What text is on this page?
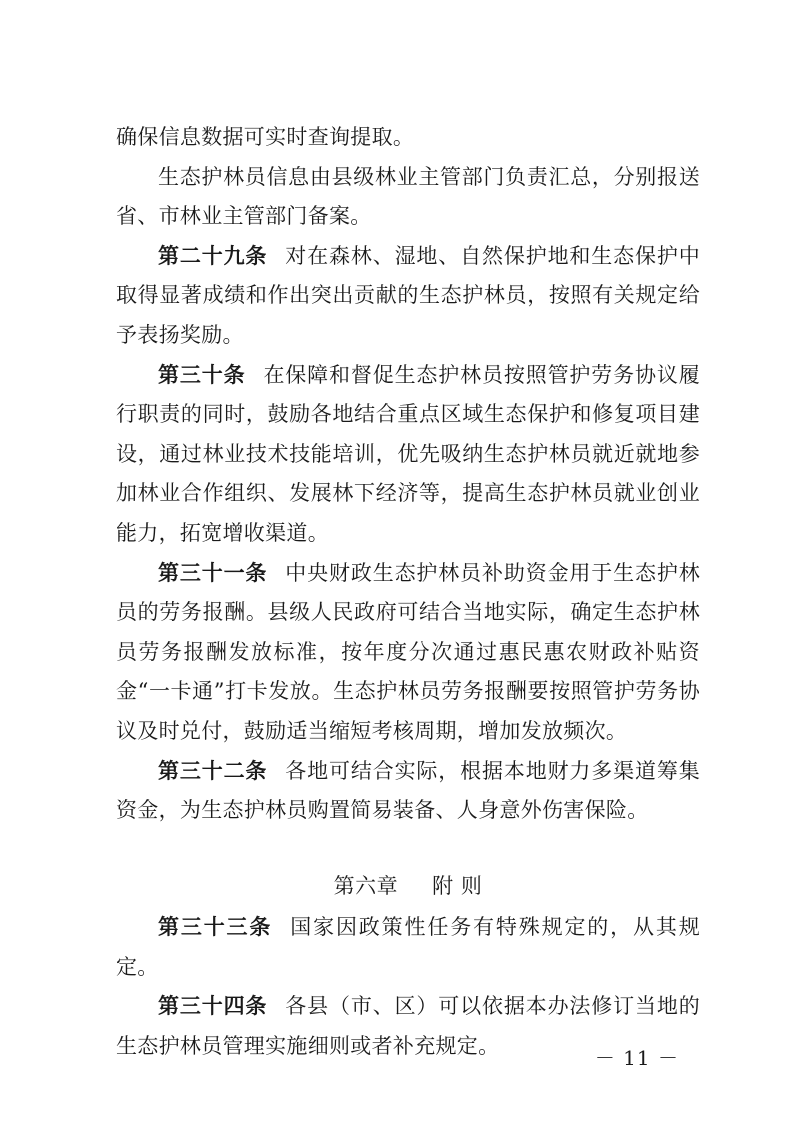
确保信息数据可实时查询提取。

生态护林员信息由县级林业主管部门负责汇总，分别报送省、市林业主管部门备案。

第二十九条 对在森林、湿地、自然保护地和生态保护中取得显著成绩和作出突出贡献的生态护林员，按照有关规定给予表扬奖励。

第三十条 在保障和督促生态护林员按照管护劳务协议履行职责的同时，鼓励各地结合重点区域生态保护和修复项目建设，通过林业技术技能培训，优先吸纳生态护林员就近就地参加林业合作组织、发展林下经济等，提高生态护林员就业创业能力，拓宽增收渠道。

第三十一条 中央财政生态护林员补助资金用于生态护林员的劳务报酬。县级人民政府可结合当地实际，确定生态护林员劳务报酬发放标准，按年度分次通过惠民惠农财政补贴资金“一卡通”打卡发放。生态护林员劳务报酬要按照管护劳务协议及时兑付，鼓励适当缩短考核周期，增加发放频次。

第三十二条 各地可结合实际，根据本地财力多渠道筹集资金，为生态护林员购置简易装备、人身意外伤害保险。

第六章 附 则

第三十三条 国家因政策性任务有特殊规定的，从其规定。

第三十四条 各县（市、区）可以依据本办法修订当地的生态护林员管理实施细则或者补充规定。	－ 11 －
